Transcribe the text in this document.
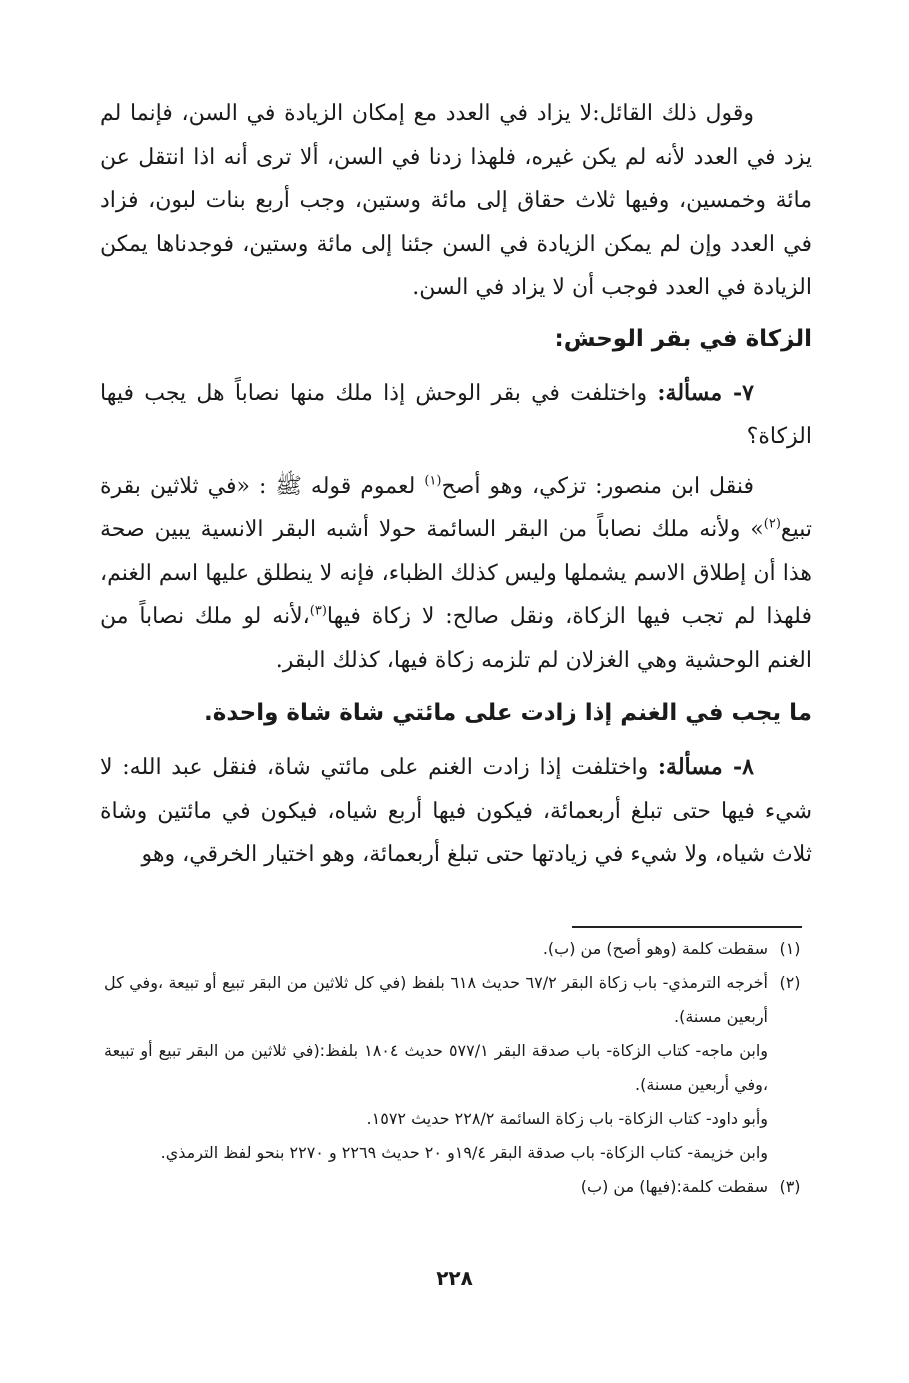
وقول ذلك القائل:لا يزاد في العدد مع إمكان الزيادة في السن، فإنما لم يزد في العدد لأنه لم يكن غيره، فلهذا زدنا في السن، ألا ترى أنه اذا انتقل عن مائة وخمسين، وفيها ثلاث حقاق إلى مائة وستين، وجب أربع بنات لبون، فزاد في العدد وإن لم يمكن الزيادة في السن جئنا إلى مائة وستين، فوجدناها يمكن الزيادة في العدد فوجب أن لا يزاد في السن.

الزكاة في بقر الوحش:

٧- مسألة: واختلفت في بقر الوحش إذا ملك منها نصاباً هل يجب فيها الزكاة؟

فنقل ابن منصور: تزكي، وهو أصح$^{(١)}$ لعموم قوله ﷺ : «في ثلاثين بقرة تبيع$^{(٢)}$» ولأنه ملك نصاباً من البقر السائمة حولا أشبه البقر الانسية يبين صحة هذا أن إطلاق الاسم يشملها وليس كذلك الظباء، فإنه لا ينطلق عليها اسم الغنم، فلهذا لم تجب فيها الزكاة، ونقل صالح: لا زكاة فيها$^{(٣)}$،لأنه لو ملك نصاباً من الغنم الوحشية وهي الغزلان لم تلزمه زكاة فيها، كذلك البقر.

ما يجب في الغنم إذا زادت على مائتي شاة شاة واحدة.

٨- مسألة: واختلفت إذا زادت الغنم على مائتي شاة، فنقل عبد الله: لا شيء فيها حتى تبلغ أربعمائة، فيكون فيها أربع شياه، فيكون في مائتين وشاة ثلاث شياه، ولا شيء في زيادتها حتى تبلغ أربعمائة، وهو اختيار الخرقي، وهو

(١)
سقطت كلمة (وهو أصح) من (ب).
(٢)
أخرجه الترمذي- باب زكاة البقر ٦٧/٢ حديث ٦١٨ بلفظ (في كل ثلاثين من البقر تبيع أو تبيعة ،وفي كل أربعين مسنة).
وابن ماجه- كتاب الزكاة- باب صدقة البقر ٥٧٧/١ حديث ١٨٠٤ بلفظ:(في ثلاثين من البقر تبيع أو تبيعة ،وفي أربعين مسنة).
وأبو داود- كتاب الزكاة- باب زكاة السائمة ٢٢٨/٢ حديث ١٥٧٢.
وابن خزيمة- كتاب الزكاة- باب صدقة البقر ١٩/٤و ٢٠ حديث ٢٢٦٩ و ٢٢٧٠ بنحو لفظ الترمذي.
(٣)
سقطت كلمة:(فيها) من (ب)
٢٢٨
